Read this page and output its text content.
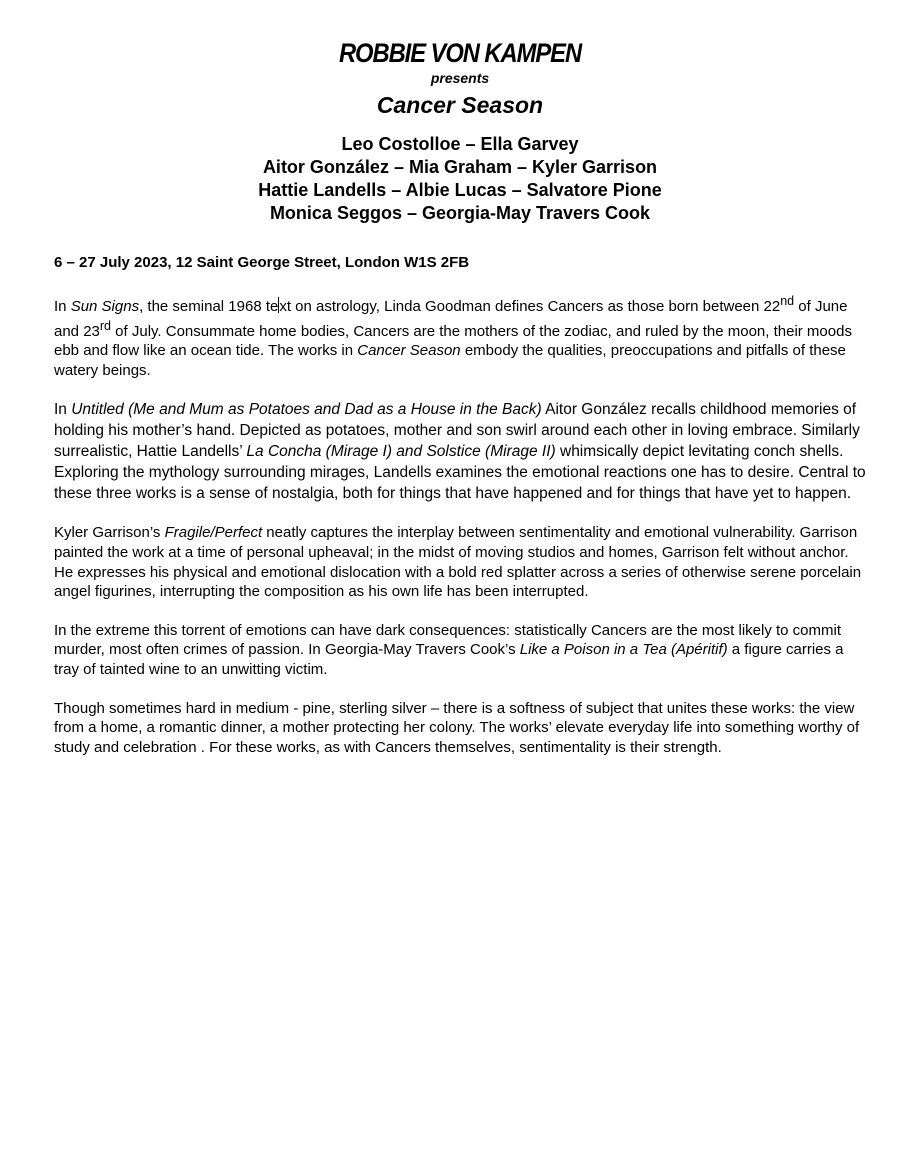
ROBBIE VON KAMPEN
presents
Cancer Season
Leo Costolloe – Ella Garvey
Aitor González – Mia Graham – Kyler Garrison
Hattie Landells – Albie Lucas – Salvatore Pione
Monica Seggos – Georgia-May Travers Cook

6 – 27 July 2023, 12 Saint George Street, London W1S 2FB

In Sun Signs, the seminal 1968 text on astrology, Linda Goodman defines Cancers as those born between 22nd of June and 23rd of July. Consummate home bodies, Cancers are the mothers of the zodiac, and ruled by the moon, their moods ebb and flow like an ocean tide. The works in Cancer Season embody the qualities, preoccupations and pitfalls of these watery beings.

In Untitled (Me and Mum as Potatoes and Dad as a House in the Back) Aitor González recalls childhood memories of holding his mother’s hand. Depicted as potatoes, mother and son swirl around each other in loving embrace. Similarly surrealistic, Hattie Landells’ La Concha (Mirage I) and Solstice (Mirage II) whimsically depict levitating conch shells. Exploring the mythology surrounding mirages, Landells examines the emotional reactions one has to desire. Central to these three works is a sense of nostalgia, both for things that have happened and for things that have yet to happen.

Kyler Garrison’s Fragile/Perfect neatly captures the interplay between sentimentality and emotional vulnerability. Garrison painted the work at a time of personal upheaval; in the midst of moving studios and homes, Garrison felt without anchor. He expresses his physical and emotional dislocation with a bold red splatter across a series of otherwise serene porcelain angel figurines, interrupting the composition as his own life has been interrupted.

In the extreme this torrent of emotions can have dark consequences: statistically Cancers are the most likely to commit murder, most often crimes of passion. In Georgia-May Travers Cook’s Like a Poison in a Tea (Apéritif) a figure carries a tray of tainted wine to an unwitting victim.

Though sometimes hard in medium - pine, sterling silver – there is a softness of subject that unites these works: the view from a home, a romantic dinner, a mother protecting her colony. The works’ elevate everyday life into something worthy of study and celebration . For these works, as with Cancers themselves, sentimentality is their strength.
